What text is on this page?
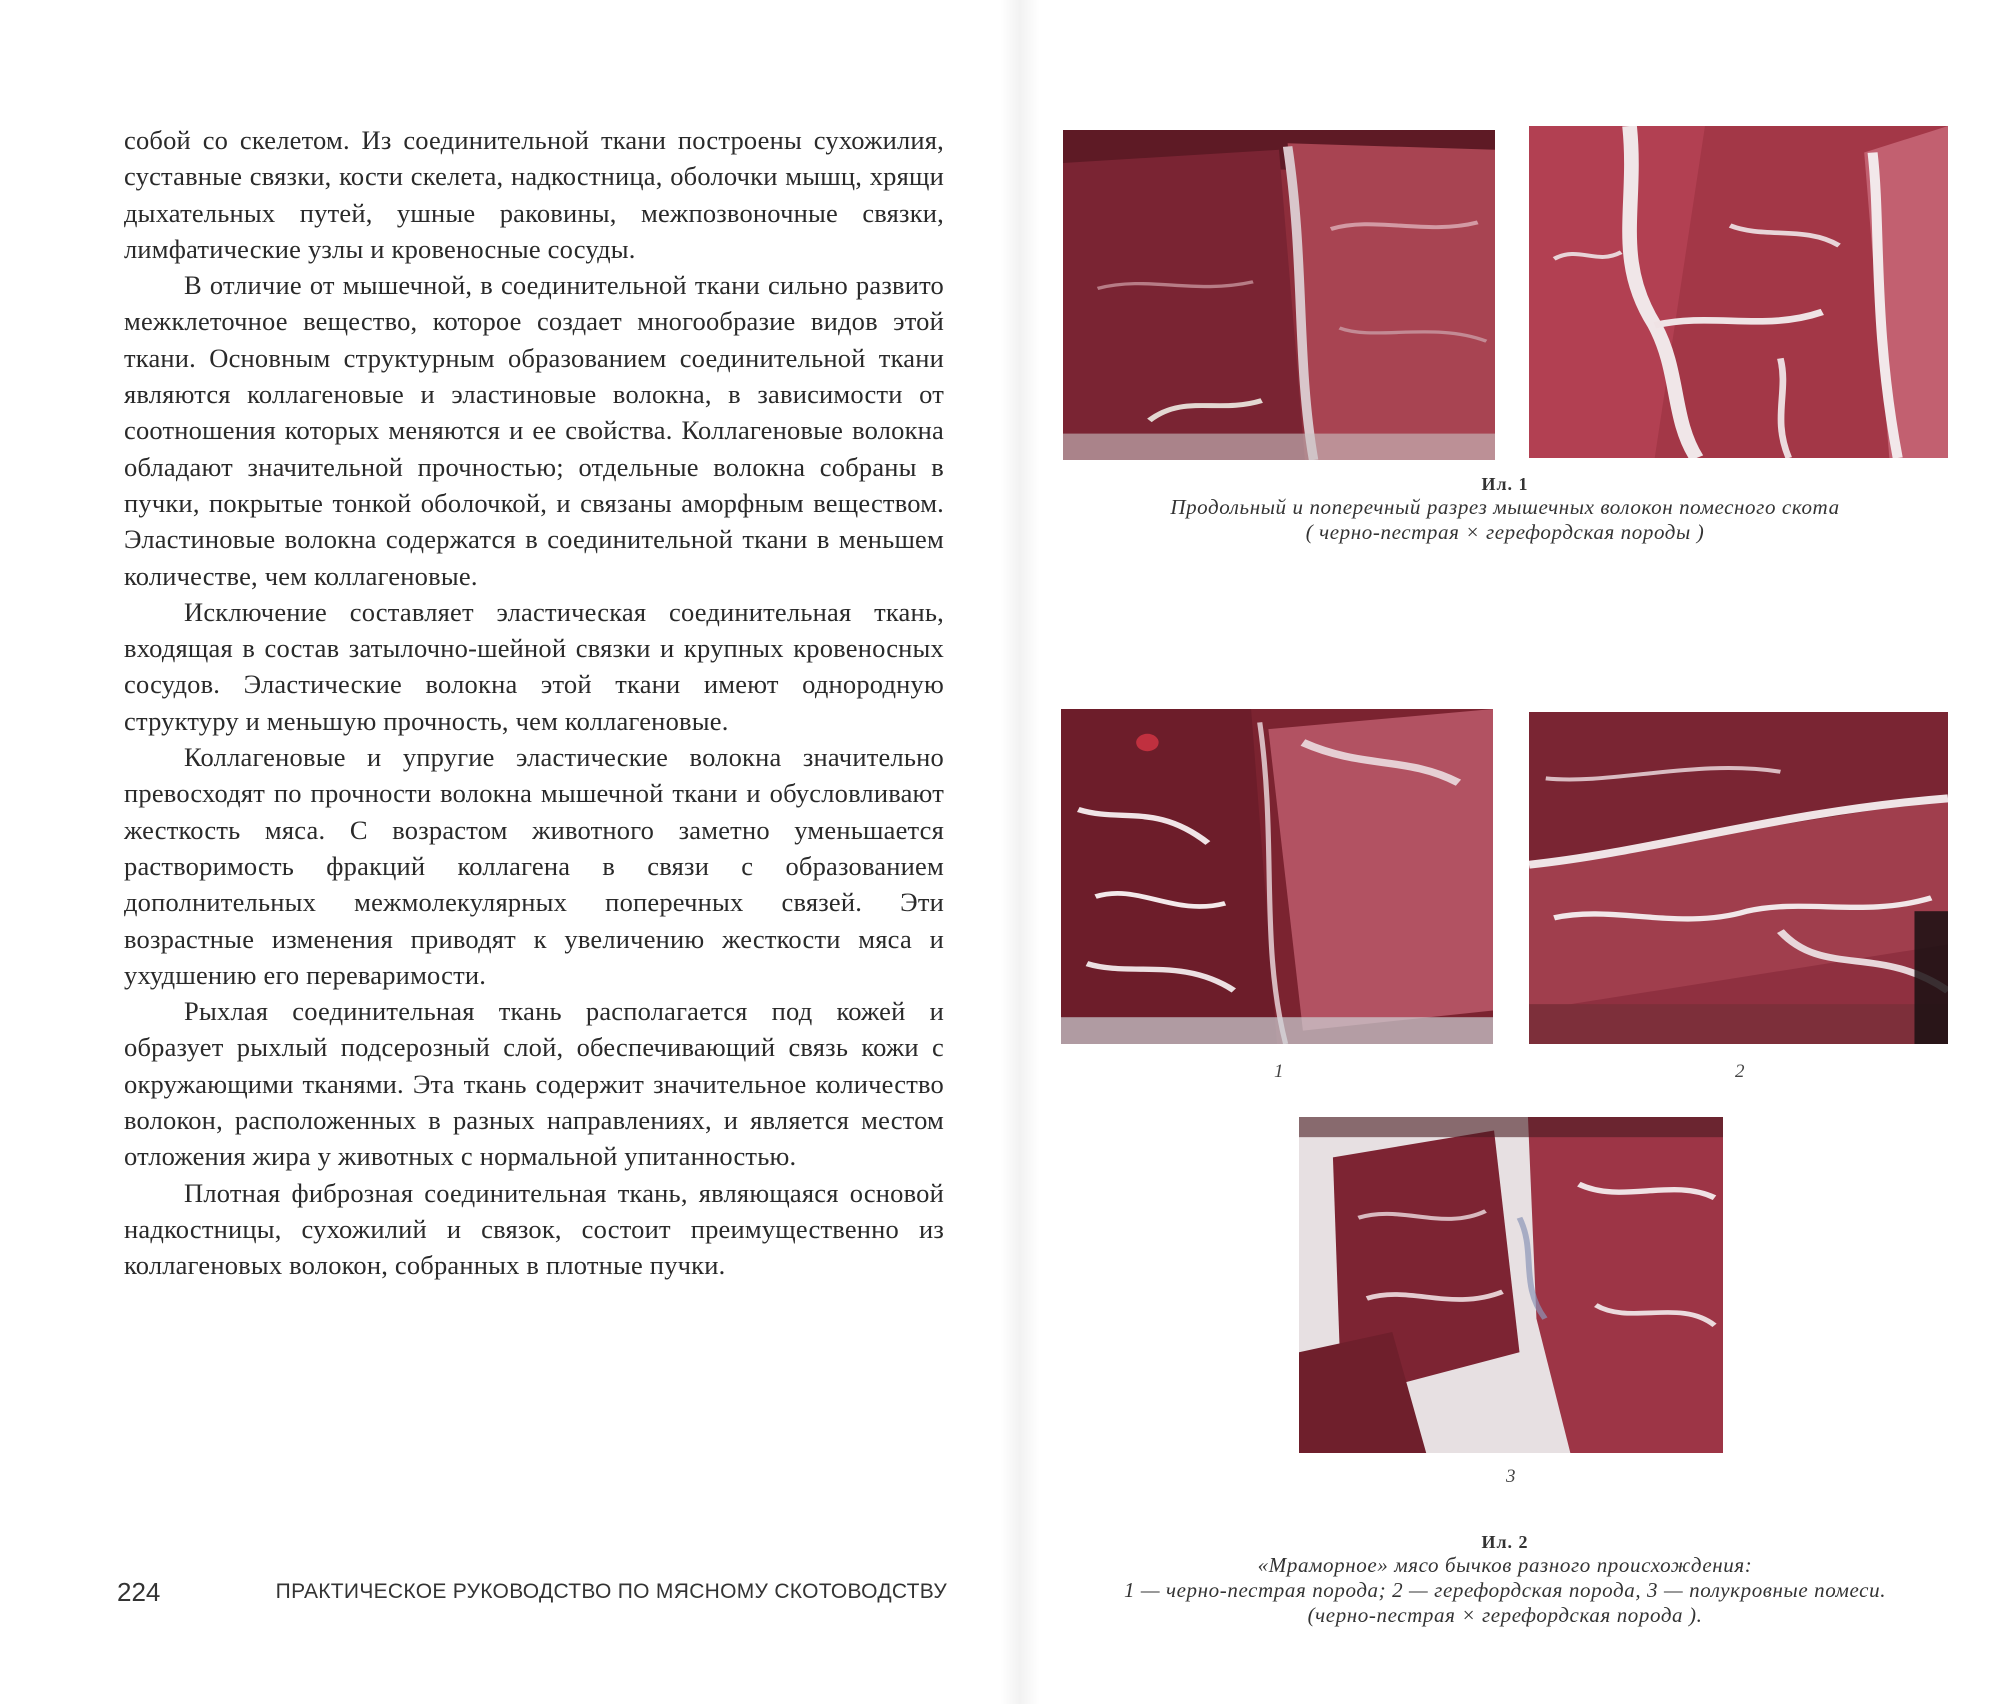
собой со скелетом. Из соединительной ткани построены сухожилия, суставные связки, кости скелета, надкостница, оболочки мышц, хрящи дыхательных путей, ушные раковины, межпозвоночные связки, лимфатические узлы и кровеносные сосуды.

В отличие от мышечной, в соединительной ткани сильно развито межклеточное вещество, которое создает многообразие видов этой ткани. Основным структурным образованием соединительной ткани являются коллагеновые и эластиновые волокна, в зависимости от соотношения которых меняются и ее свойства. Коллагеновые волокна обладают значительной прочностью; отдельные волокна собраны в пучки, покрытые тонкой оболочкой, и связаны аморфным веществом. Эластиновые волокна содержатся в соединительной ткани в меньшем количестве, чем коллагеновые.

Исключение составляет эластическая соединительная ткань, входящая в состав затылочно-шейной связки и крупных кровеносных сосудов. Эластические волокна этой ткани имеют однородную структуру и меньшую прочность, чем коллагеновые.

Коллагеновые и упругие эластические волокна значительно превосходят по прочности волокна мышечной ткани и обусловливают жесткость мяса. С возрастом животного заметно уменьшается растворимость фракций коллагена в связи с образованием дополнительных межмолекулярных поперечных связей. Эти возрастные изменения приводят к увеличению жесткости мяса и ухудшению его переваримости.

Рыхлая соединительная ткань располагается под кожей и образует рыхлый подсерозный слой, обеспечивающий связь кожи с окружающими тканями. Эта ткань содержит значительное количество волокон, расположенных в разных направлениях, и является местом отложения жира у животных с нормальной упитанностью.

Плотная фиброзная соединительная ткань, являющаяся основой надкостницы, сухожилий и связок, состоит преимущественно из коллагеновых волокон, собранных в плотные пучки.

224	ПРАКТИЧЕСКОЕ РУКОВОДСТВО ПО МЯСНОМУ СКОТОВОДСТВУ
Ил. 1
Продольный и поперечный разрез мышечных волокон помесного скота
( черно-пестрая × герефордская породы )
1	2
3
Ил. 2
«Мраморное» мясо бычков разного происхождения:
1 — черно-пестрая порода; 2 — герефордская порода, 3 — полукровные помеси.
(черно-пестрая × герефордская порода ).
